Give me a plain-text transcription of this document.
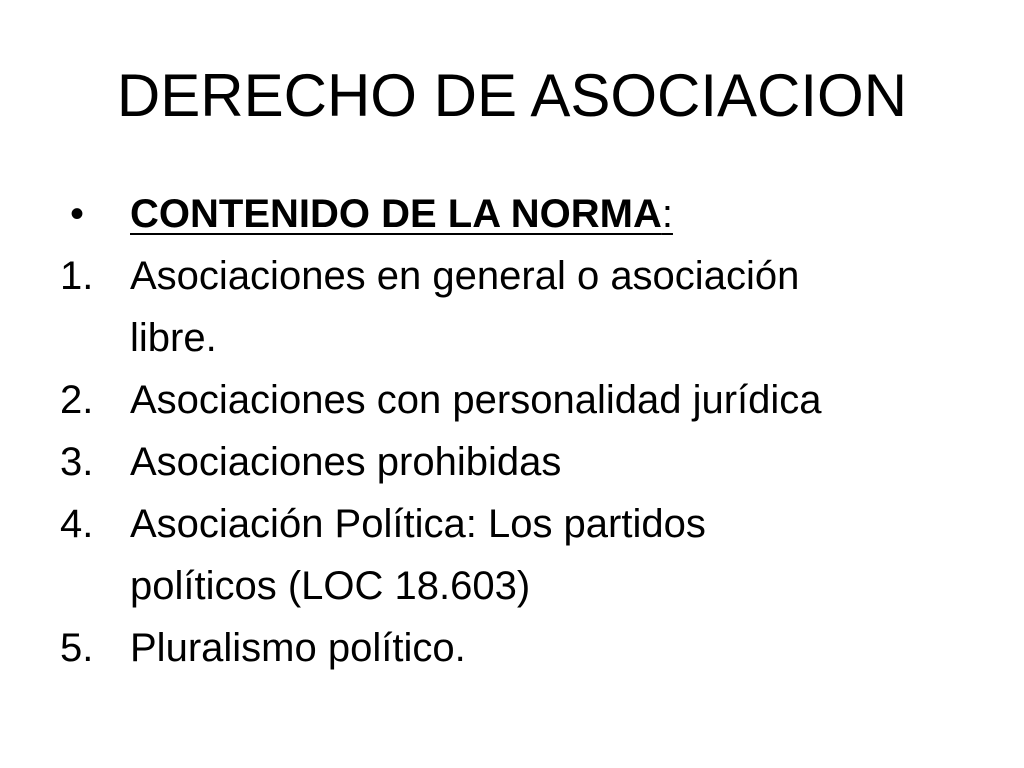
DERECHO DE ASOCIACION
• CONTENIDO DE LA NORMA:
1. Asociaciones en general o asociación
libre.
2. Asociaciones con personalidad jurídica
3. Asociaciones prohibidas
4. Asociación Política: Los partidos
políticos (LOC 18.603)
5. Pluralismo político.
